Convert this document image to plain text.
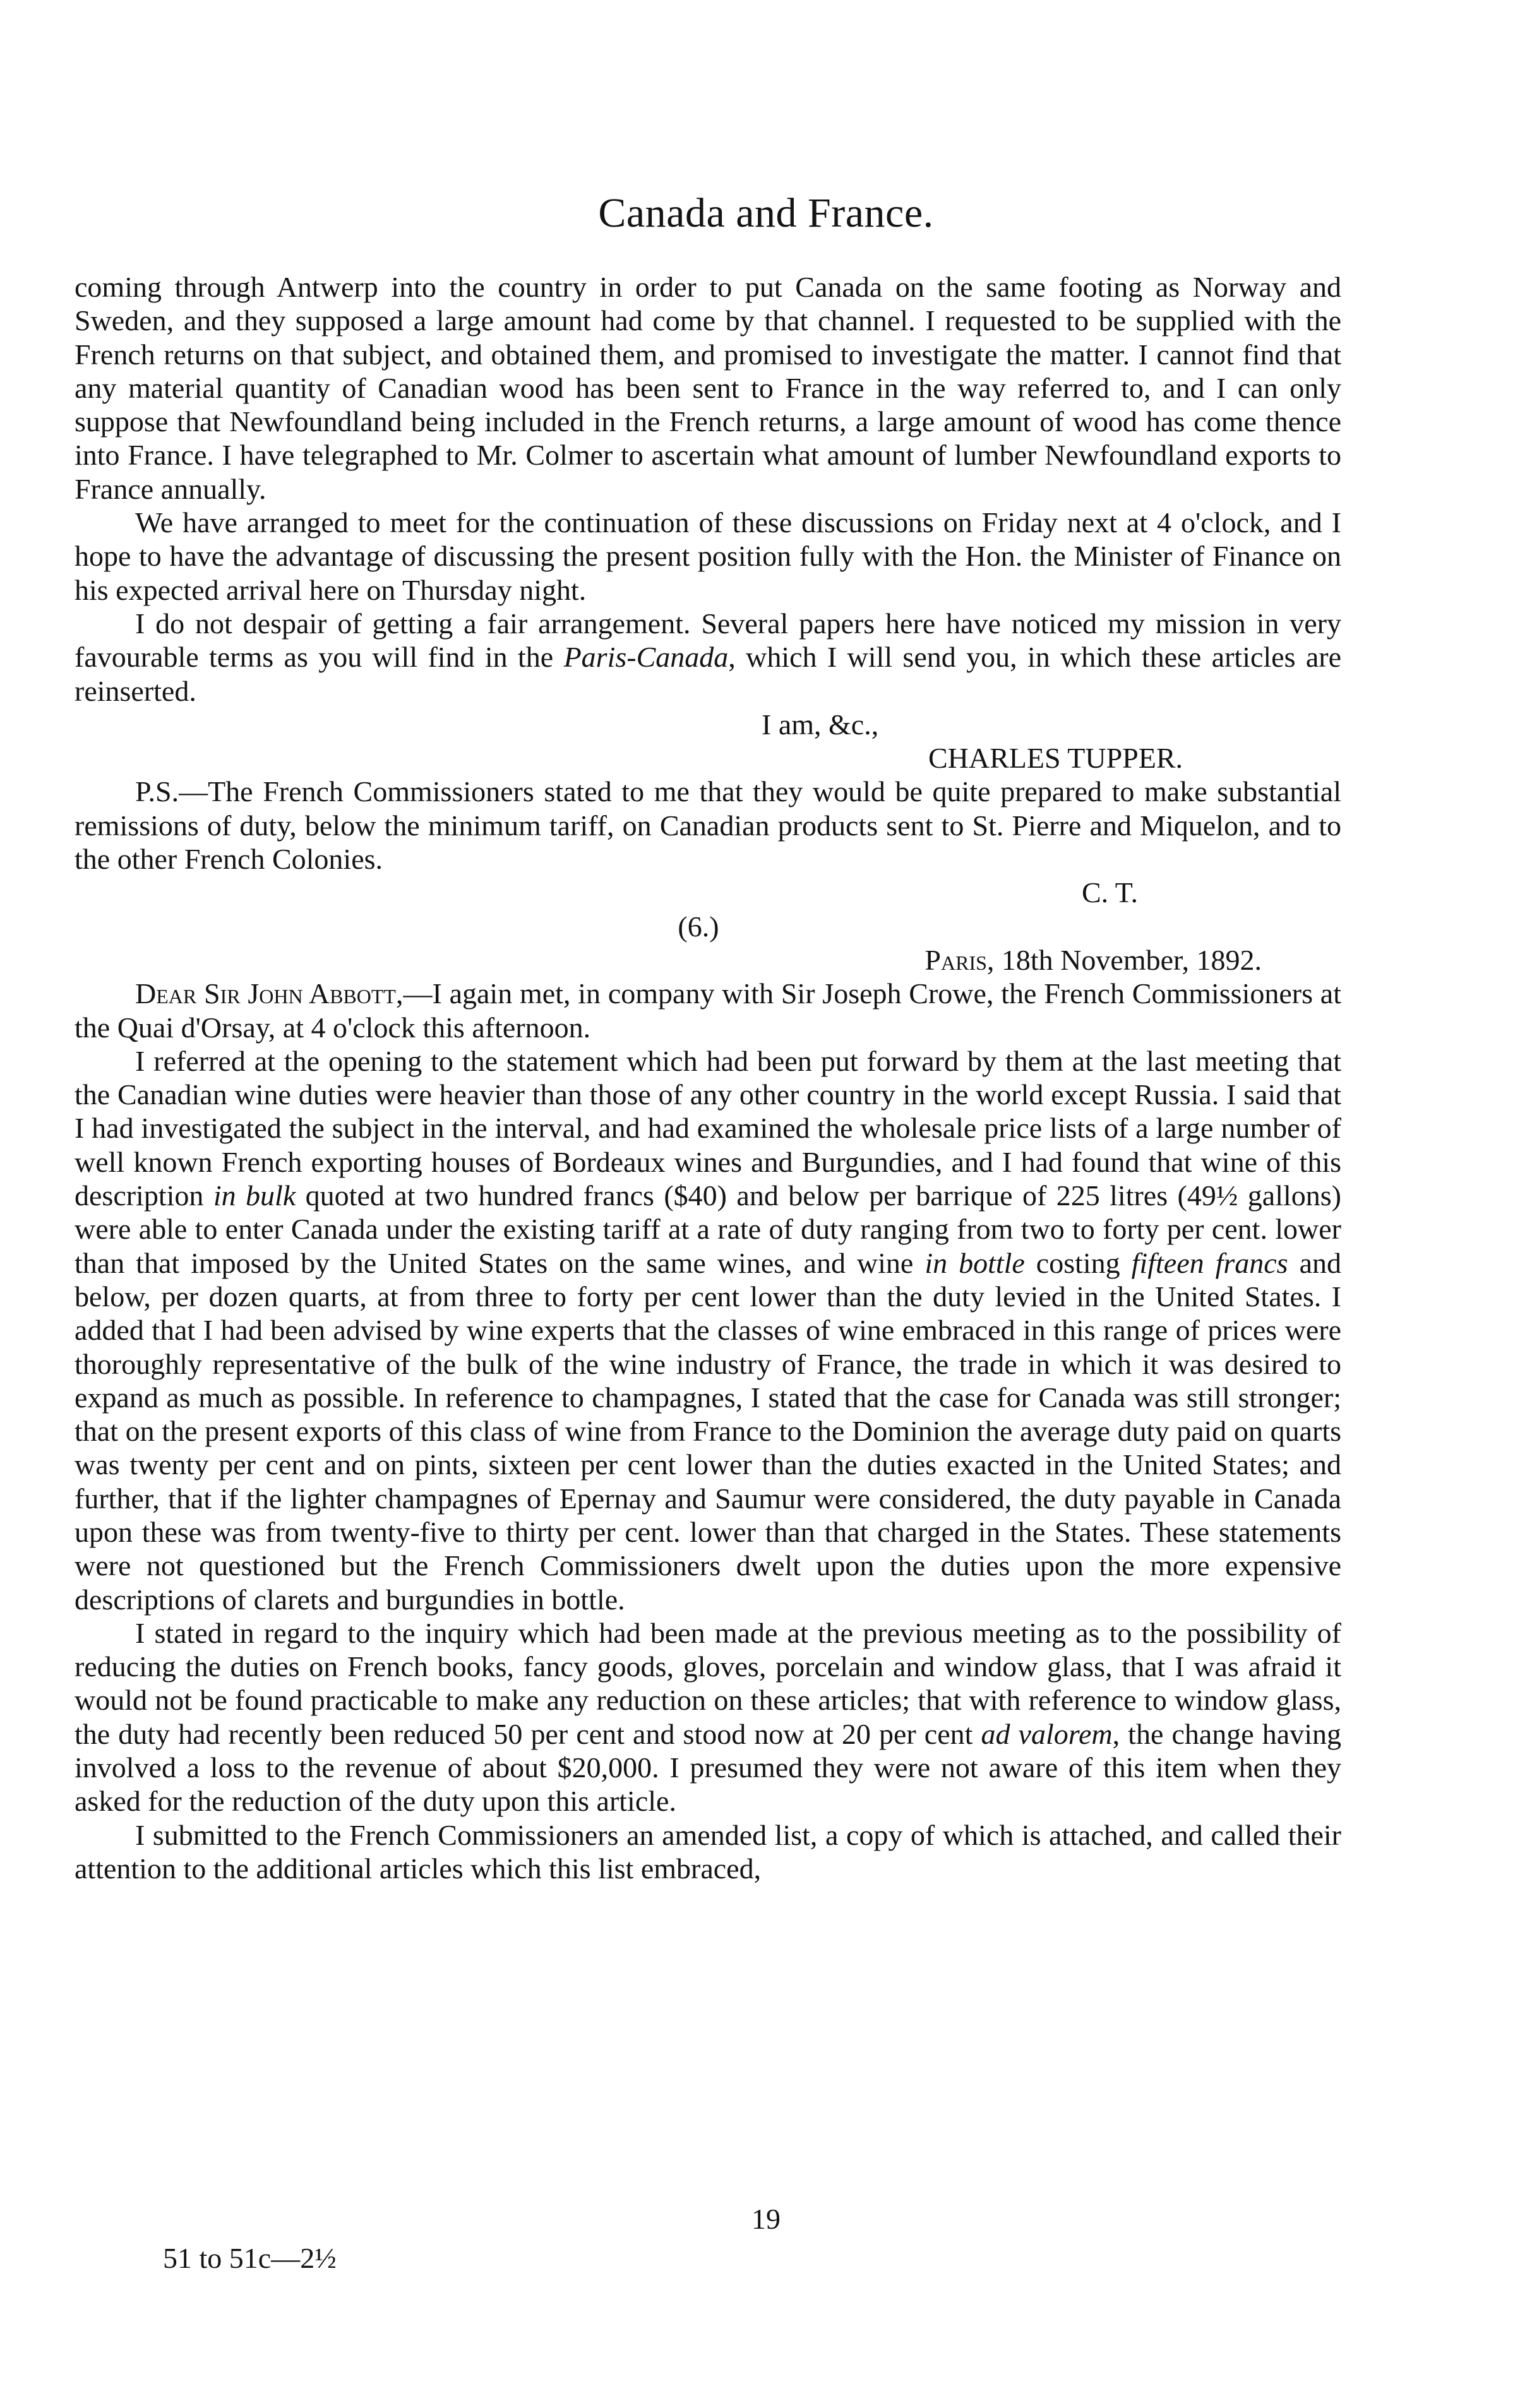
Canada and France.

coming through Antwerp into the country in order to put Canada on the same footing as Norway and Sweden, and they supposed a large amount had come by that channel. I requested to be supplied with the French returns on that subject, and obtained them, and promised to investigate the matter. I cannot find that any material quantity of Canadian wood has been sent to France in the way referred to, and I can only suppose that Newfoundland being included in the French returns, a large amount of wood has come thence into France. I have telegraphed to Mr. Colmer to ascertain what amount of lumber Newfoundland exports to France annually.

We have arranged to meet for the continuation of these discussions on Friday next at 4 o'clock, and I hope to have the advantage of discussing the present position fully with the Hon. the Minister of Finance on his expected arrival here on Thursday night.

I do not despair of getting a fair arrangement. Several papers here have noticed my mission in very favourable terms as you will find in the Paris-Canada, which I will send you, in which these articles are reinserted.

I am, &c.,

CHARLES TUPPER.

P.S.—The French Commissioners stated to me that they would be quite prepared to make substantial remissions of duty, below the minimum tariff, on Canadian products sent to St. Pierre and Miquelon, and to the other French Colonies.

C. T.

(6.)

Paris, 18th November, 1892.

Dear Sir John Abbott,—I again met, in company with Sir Joseph Crowe, the French Commissioners at the Quai d'Orsay, at 4 o'clock this afternoon.

I referred at the opening to the statement which had been put forward by them at the last meeting that the Canadian wine duties were heavier than those of any other country in the world except Russia. I said that I had investigated the subject in the interval, and had examined the wholesale price lists of a large number of well known French exporting houses of Bordeaux wines and Burgundies, and I had found that wine of this description in bulk quoted at two hundred francs ($40) and below per barrique of 225 litres (49½ gallons) were able to enter Canada under the existing tariff at a rate of duty ranging from two to forty per cent. lower than that imposed by the United States on the same wines, and wine in bottle costing fifteen francs and below, per dozen quarts, at from three to forty per cent lower than the duty levied in the United States. I added that I had been advised by wine experts that the classes of wine embraced in this range of prices were thoroughly representative of the bulk of the wine industry of France, the trade in which it was desired to expand as much as possible. In reference to champagnes, I stated that the case for Canada was still stronger; that on the present exports of this class of wine from France to the Dominion the average duty paid on quarts was twenty per cent and on pints, sixteen per cent lower than the duties exacted in the United States; and further, that if the lighter champagnes of Epernay and Saumur were considered, the duty payable in Canada upon these was from twenty-five to thirty per cent. lower than that charged in the States. These statements were not questioned but the French Commissioners dwelt upon the duties upon the more expensive descriptions of clarets and burgundies in bottle.

I stated in regard to the inquiry which had been made at the previous meeting as to the possibility of reducing the duties on French books, fancy goods, gloves, porcelain and window glass, that I was afraid it would not be found practicable to make any reduction on these articles; that with reference to window glass, the duty had recently been reduced 50 per cent and stood now at 20 per cent ad valorem, the change having involved a loss to the revenue of about $20,000. I presumed they were not aware of this item when they asked for the reduction of the duty upon this article.

I submitted to the French Commissioners an amended list, a copy of which is attached, and called their attention to the additional articles which this list embraced,

19
51 to 51c—2½
